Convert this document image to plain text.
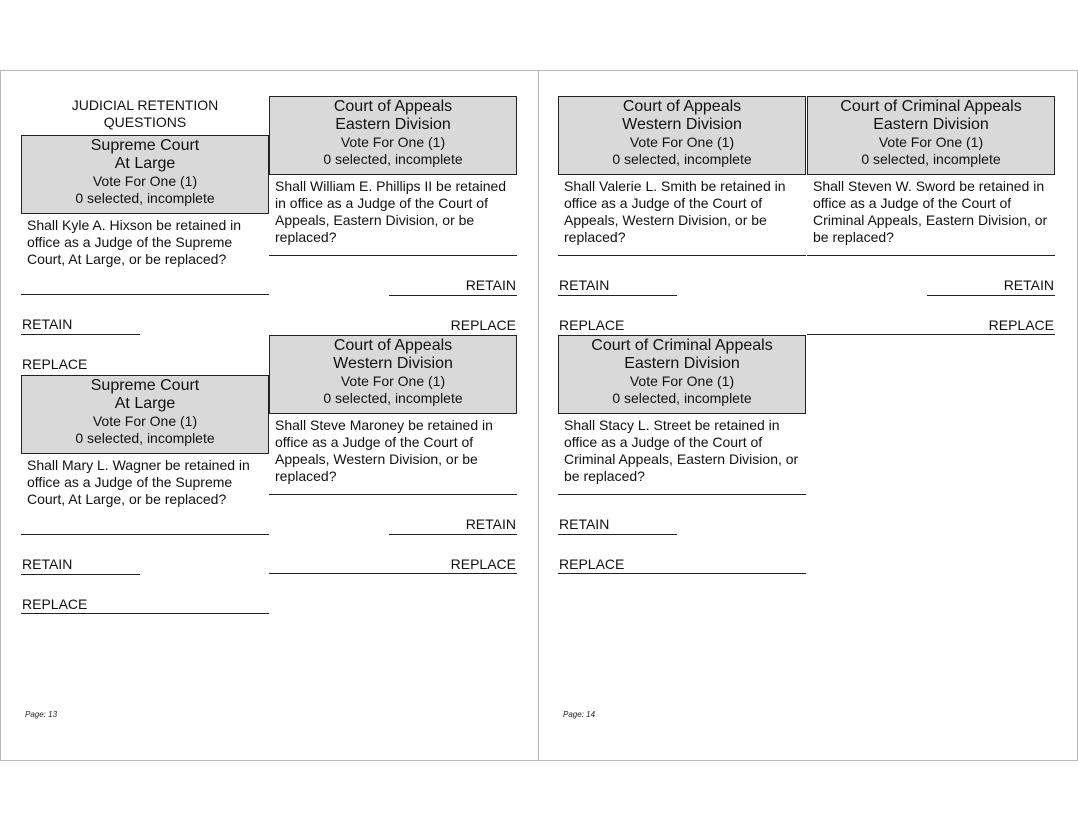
JUDICIAL RETENTION
QUESTIONS
Supreme Court
At Large
Vote For One (1)
0 selected, incomplete
Shall Kyle A. Hixson be retained in office as a Judge of the Supreme Court, At Large, or be replaced?
RETAIN
REPLACE
Supreme Court
At Large
Vote For One (1)
0 selected, incomplete
Shall Mary L. Wagner be retained in office as a Judge of the Supreme Court, At Large, or be replaced?
RETAIN
REPLACE
Court of Appeals
Eastern Division
Vote For One (1)
0 selected, incomplete
Shall William E. Phillips II be retained in office as a Judge of the Court of Appeals, Eastern Division, or be replaced?
RETAIN
REPLACE
Court of Appeals
Western Division
Vote For One (1)
0 selected, incomplete
Shall Steve Maroney be retained in office as a Judge of the Court of Appeals, Western Division, or be replaced?
RETAIN
REPLACE
Page: 13
Court of Appeals
Western Division
Vote For One (1)
0 selected, incomplete
Shall Valerie L. Smith be retained in office as a Judge of the Court of Appeals, Western Division, or be replaced?
RETAIN
REPLACE
Court of Criminal Appeals
Eastern Division
Vote For One (1)
0 selected, incomplete
Shall Steven W. Sword be retained in office as a Judge of the Court of Criminal Appeals, Eastern Division, or be replaced?
RETAIN
REPLACE
Court of Criminal Appeals
Eastern Division
Vote For One (1)
0 selected, incomplete
Shall Stacy L. Street be retained in office as a Judge of the Court of Criminal Appeals, Eastern Division, or be replaced?
RETAIN
REPLACE
Page: 14
